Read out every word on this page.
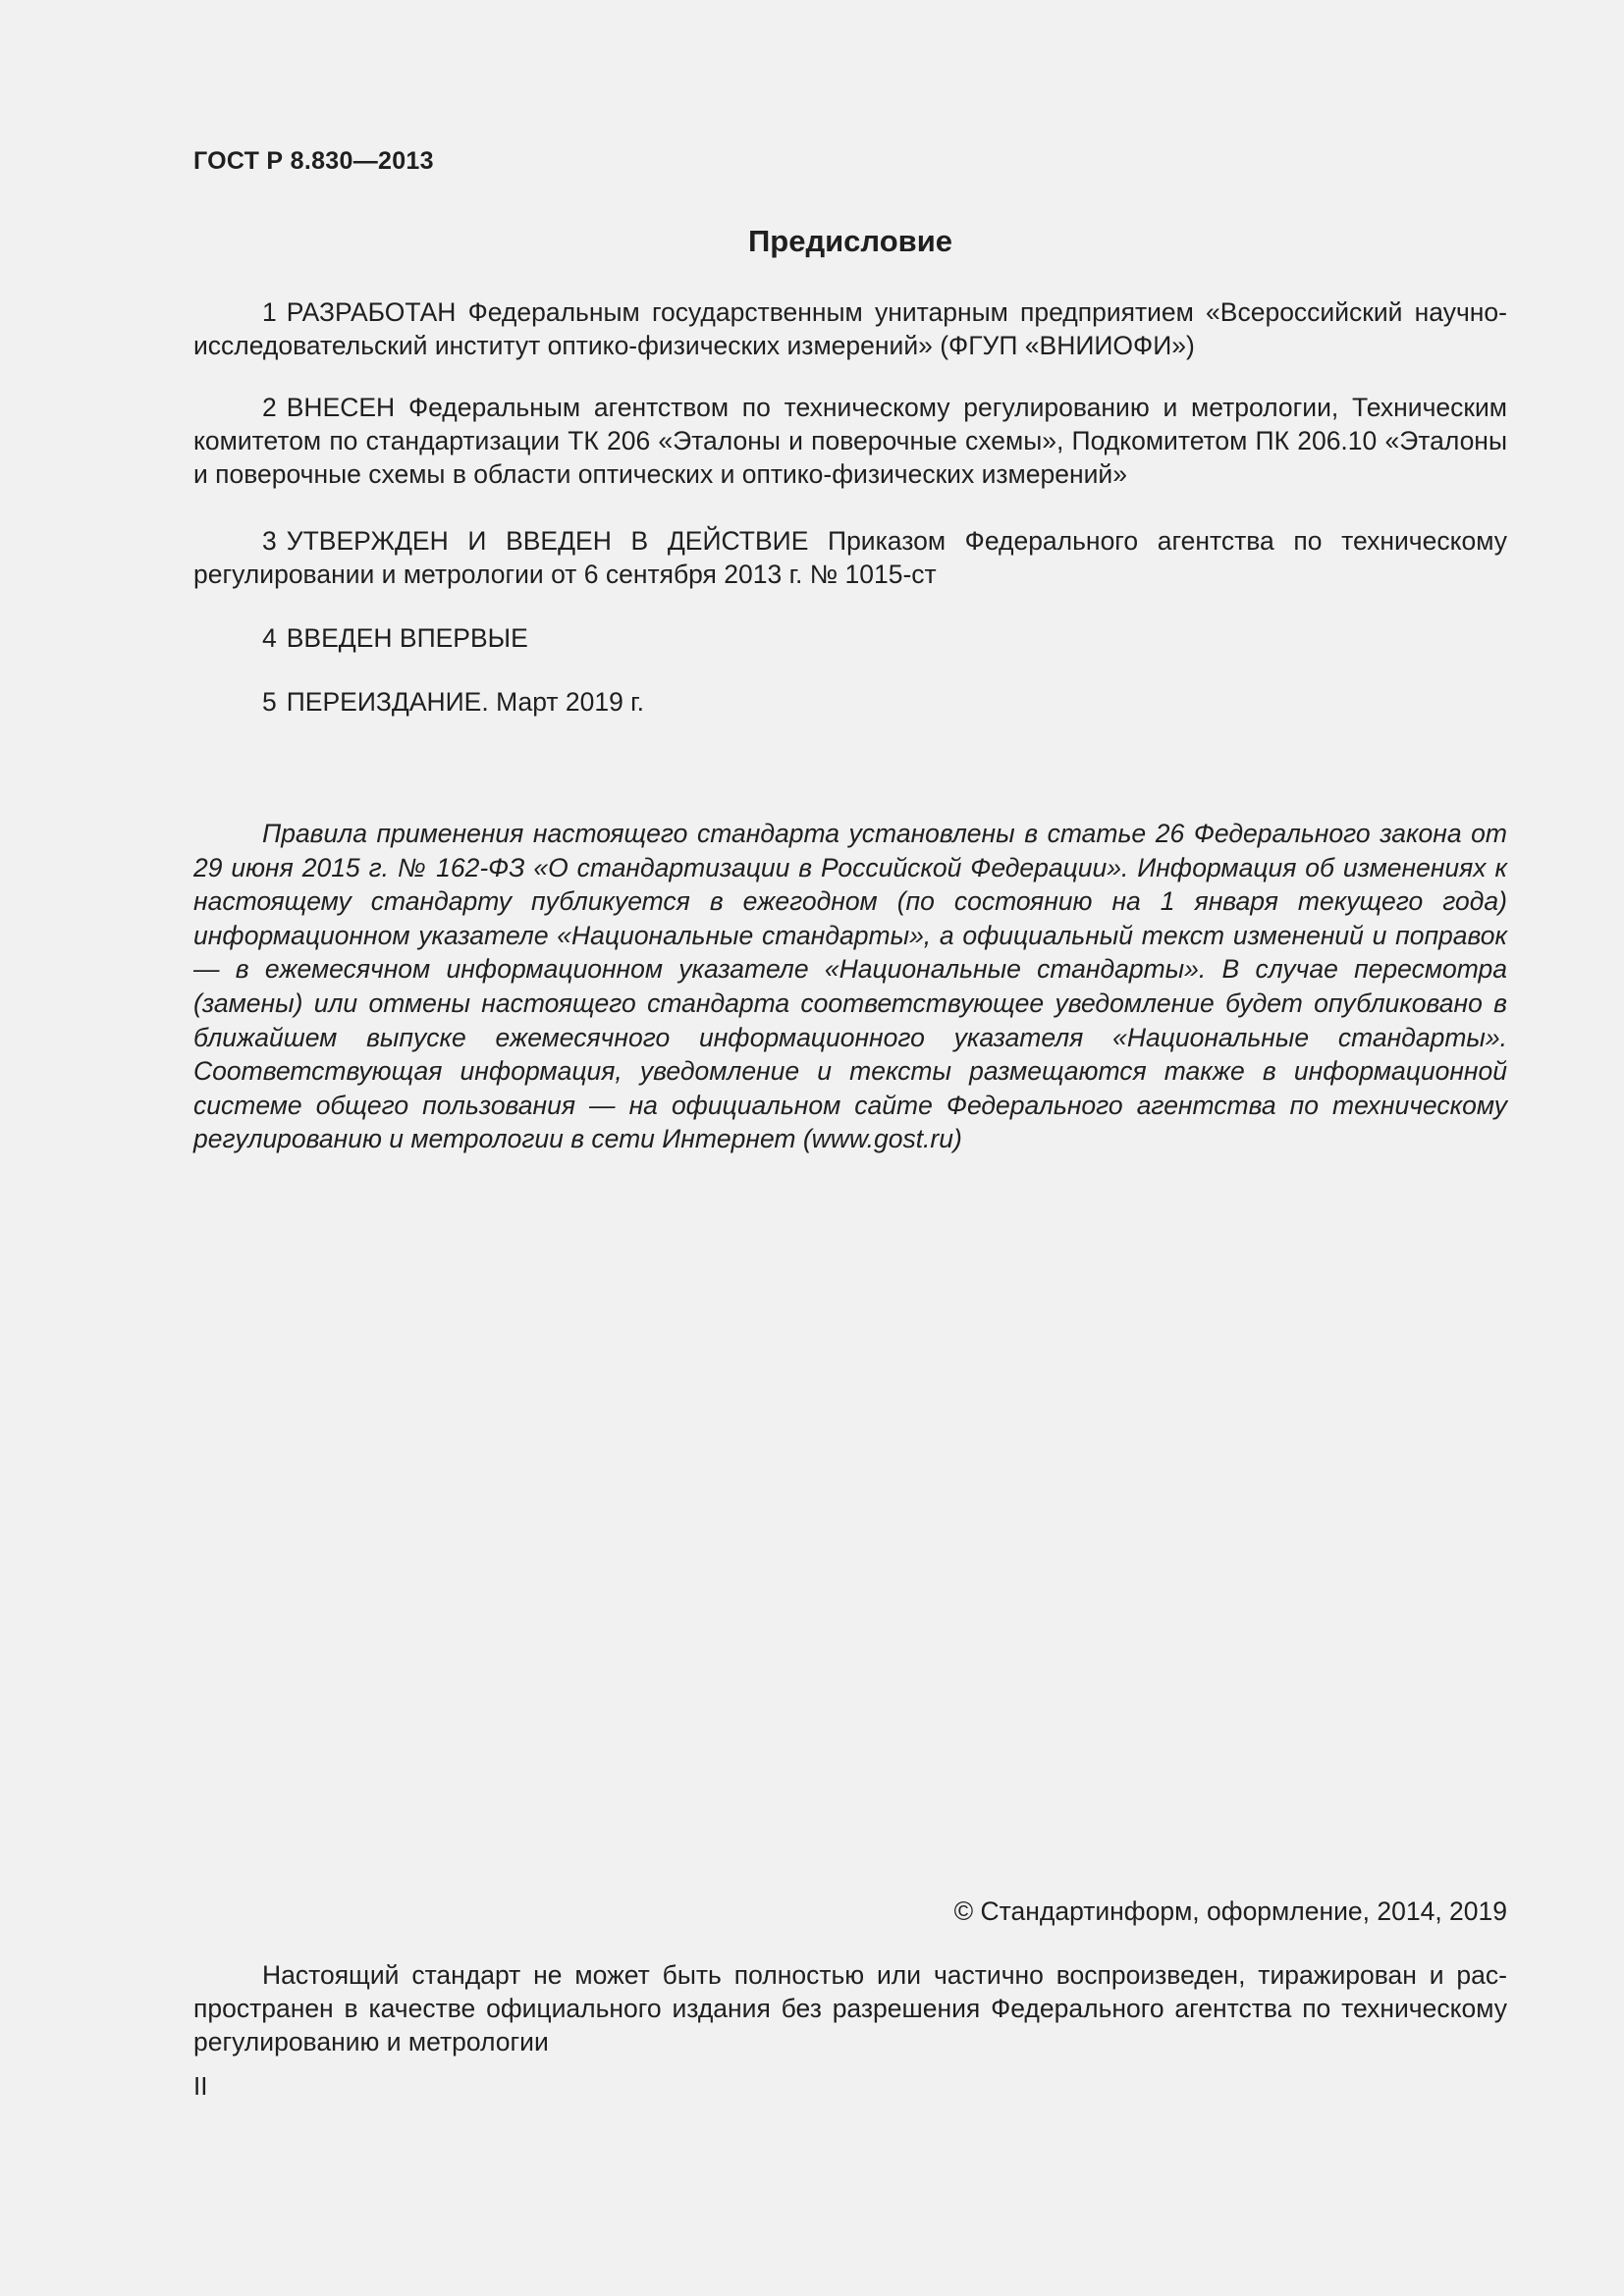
ГОСТ Р 8.830—2013
Предисловие

1 РАЗРАБОТАН Федеральным государственным унитарным предприятием «Всероссийский научно-исследовательский институт оптико-физических измерений» (ФГУП «ВНИИОФИ»)

2 ВНЕСЕН Федеральным агентством по техническому регулированию и метрологии, Техническим комитетом по стандартизации ТК 206 «Эталоны и поверочные схемы», Подкомитетом ПК 206.10 «Эталоны и поверочные схемы в области оптических и оптико-физических измерений»

3 УТВЕРЖДЕН И ВВЕДЕН В ДЕЙСТВИЕ Приказом Федерального агентства по техническому регулировании и метрологии от 6 сентября 2013 г. № 1015-ст

4 ВВЕДЕН ВПЕРВЫЕ

5 ПЕРЕИЗДАНИЕ. Март 2019 г.

Правила применения настоящего стандарта установлены в статье 26 Федерального закона от 29 июня 2015 г. № 162-ФЗ «О стандартизации в Российской Федерации». Информация об изменениях к настоящему стандарту публикуется в ежегодном (по состоянию на 1 января текущего года) информационном указателе «Национальные стандарты», а официальный текст изменений и поправок — в ежемесячном информационном указателе «Национальные стандарты». В случае пересмотра (замены) или отмены настоящего стандарта соответствующее уведомление будет опубликовано в ближайшем выпуске ежемесячного информационного указателя «Национальные стандарты». Соответствующая информация, уведомление и тексты размещаются также в информационной системе общего пользования — на официальном сайте Федерального агентства по техническому регулированию и метрологии в сети Интернет (www.gost.ru)

© Стандартинформ, оформление, 2014, 2019

Настоящий стандарт не может быть полностью или частично воспроизведен, тиражирован и распространен в качестве официального издания без разрешения Федерального агентства по техническому регулированию и метрологии

II
